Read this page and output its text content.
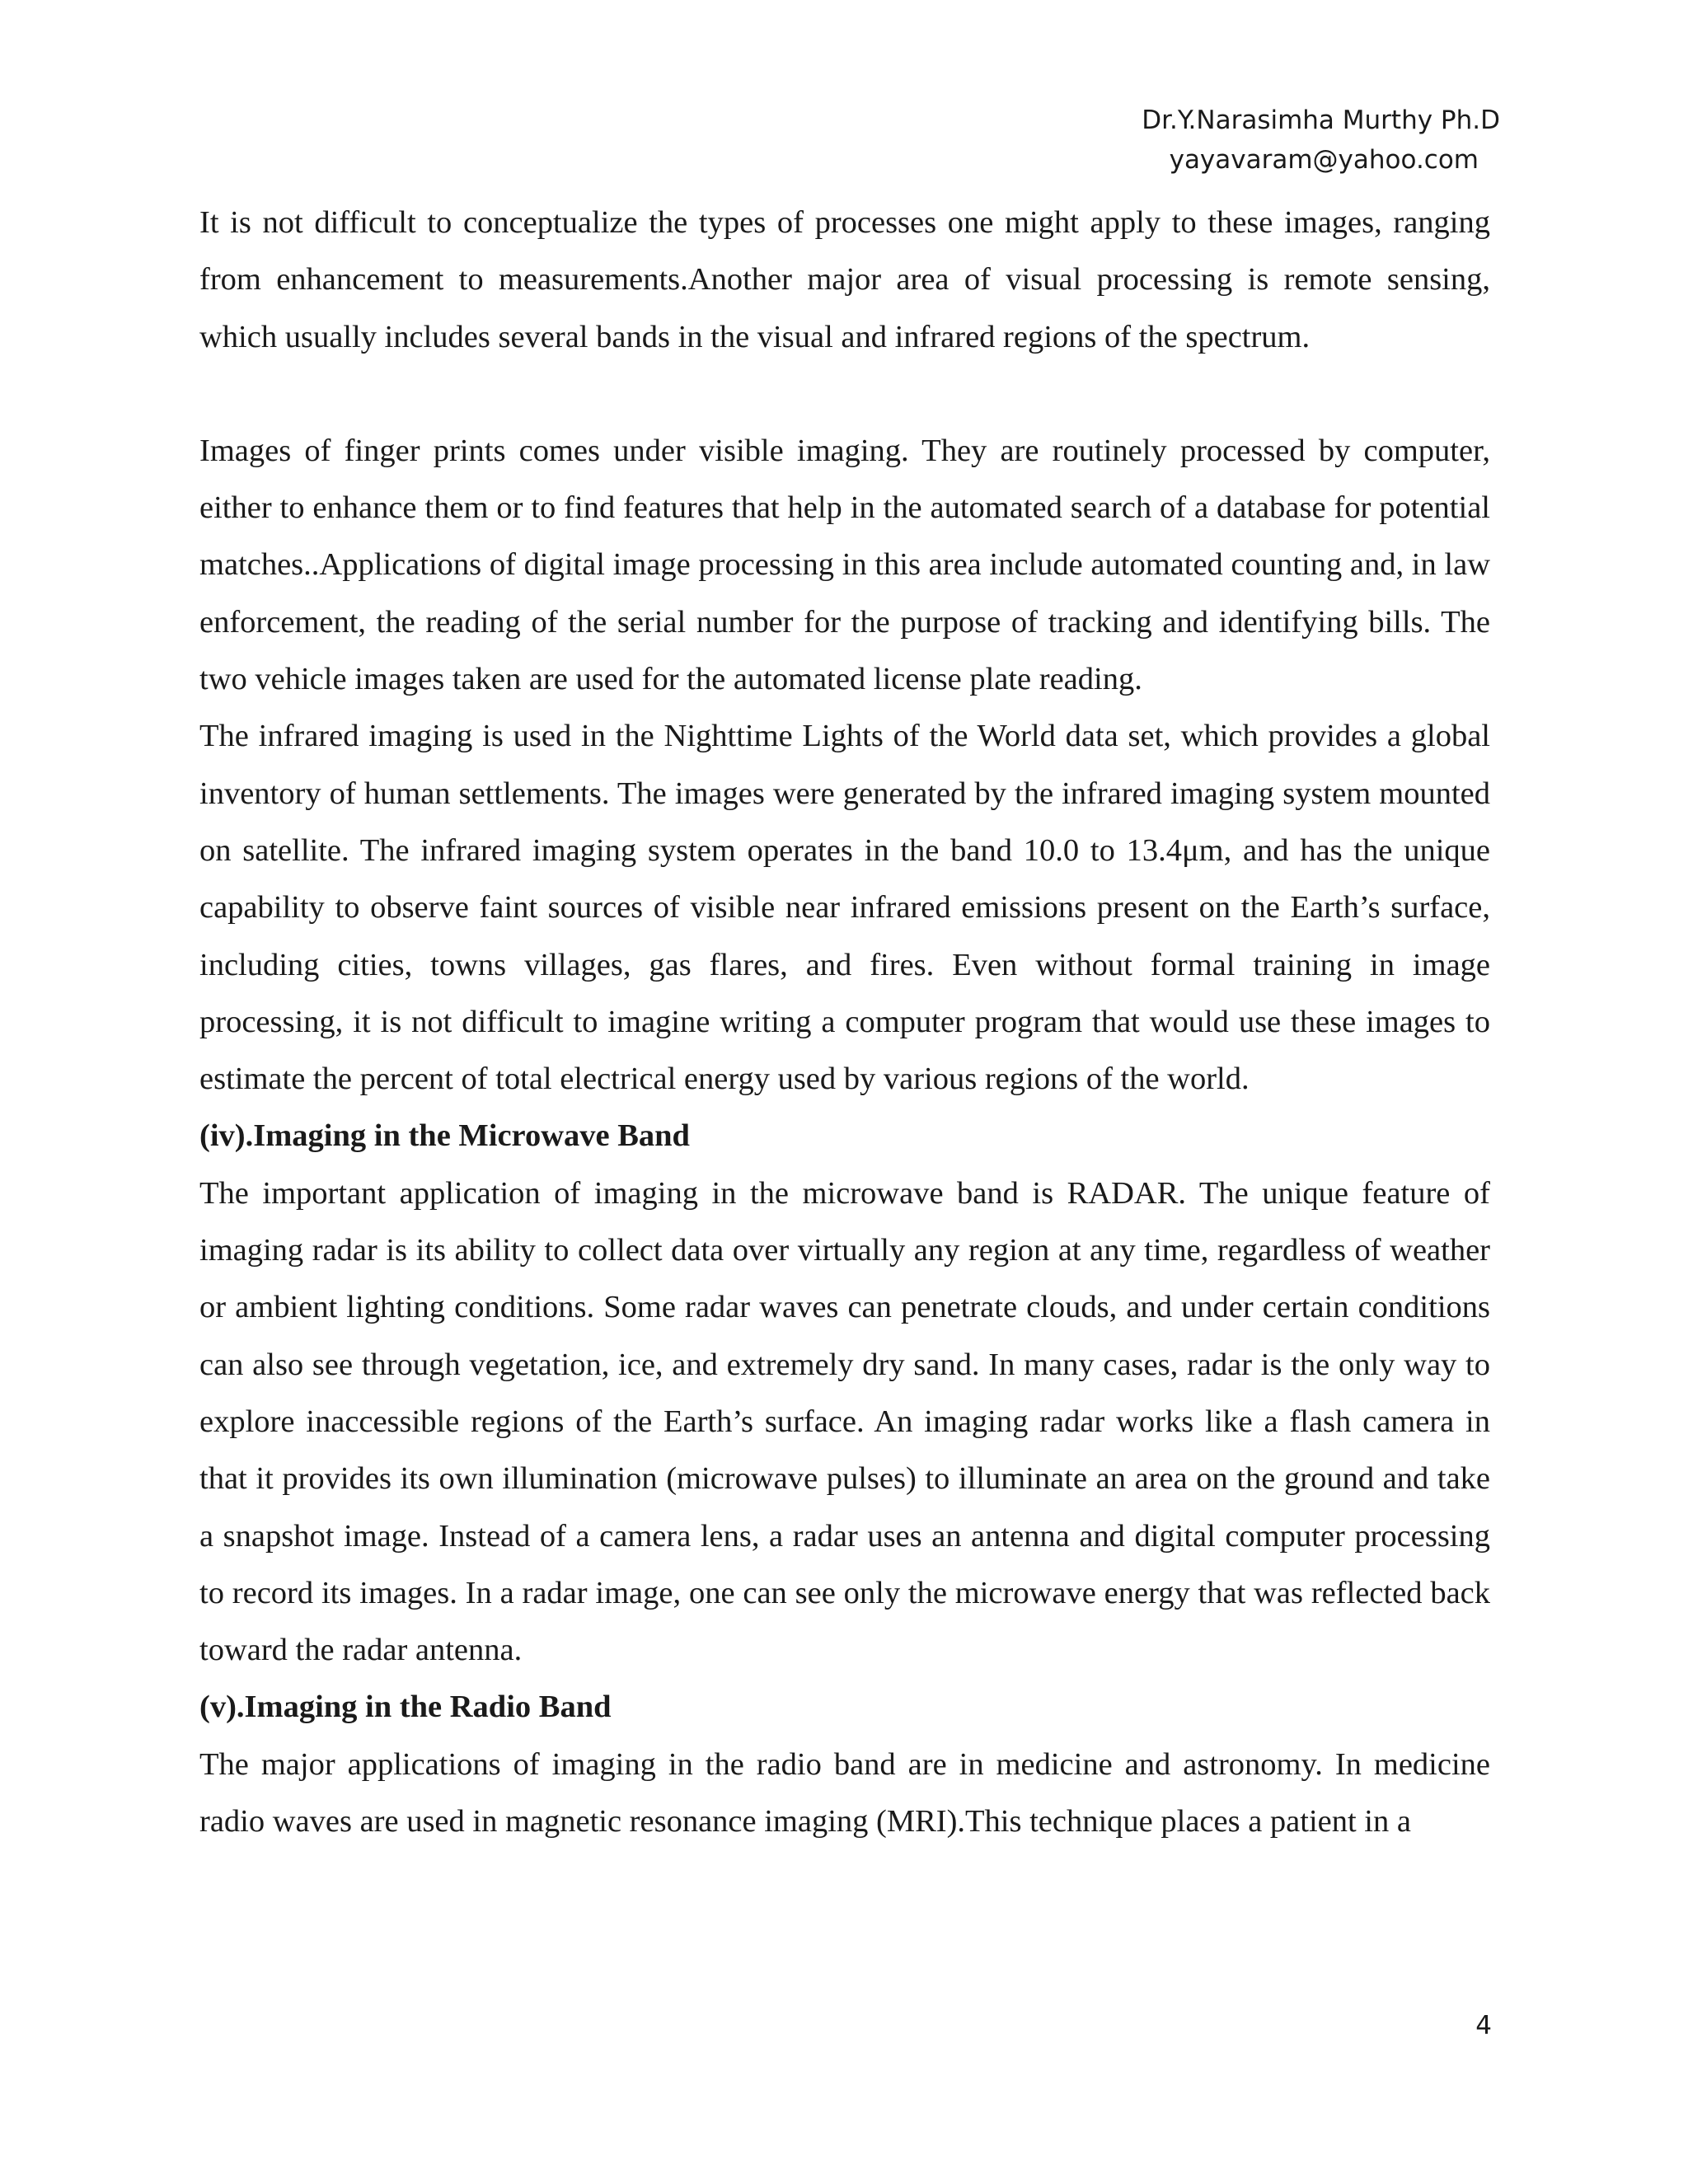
Dr.Y.Narasimha Murthy Ph.D
yayavaram@yahoo.com

It is not difficult to conceptualize the types of processes one might apply to these images, ranging from enhancement to measurements.Another major area of visual processing is remote sensing, which usually includes several bands in the visual and infrared regions of the spectrum.

Images of finger prints comes under visible imaging. They are routinely processed by computer, either to enhance them or to find features that help in the automated search of a database for potential matches..Applications of digital image processing in this area include automated counting and, in law enforcement, the reading of the serial number for the purpose of tracking and identifying bills. The two vehicle images taken are used for the automated license plate reading.

The infrared imaging is used in the Nighttime Lights of the World data set, which provides a global inventory of human settlements. The images were generated by the infrared imaging system mounted on satellite. The infrared imaging system operates in the band 10.0 to 13.4μm, and has the unique capability to observe faint sources of visible near infrared emissions present on the Earth’s surface, including cities, towns villages, gas flares, and fires. Even without formal training in image processing, it is not difficult to imagine writing a computer program that would use these images to estimate the percent of total electrical energy used by various regions of the world.

(iv).Imaging in the Microwave Band

The important application of imaging in the microwave band is RADAR. The unique feature of imaging radar is its ability to collect data over virtually any region at any time, regardless of weather or ambient lighting conditions. Some radar waves can penetrate clouds, and under certain conditions can also see through vegetation, ice, and extremely dry sand. In many cases, radar is the only way to explore inaccessible regions of the Earth’s surface. An imaging radar works like a flash camera in that it provides its own illumination (microwave pulses) to illuminate an area on the ground and take a snapshot image. Instead of a camera lens, a radar uses an antenna and digital computer processing to record its images. In a radar image, one can see only the microwave energy that was reflected back toward the radar antenna.

(v).Imaging in the Radio Band

The major applications of imaging in the radio band are in medicine and astronomy. In medicine radio waves are used in magnetic resonance imaging (MRI).This technique places a patient in a

4
